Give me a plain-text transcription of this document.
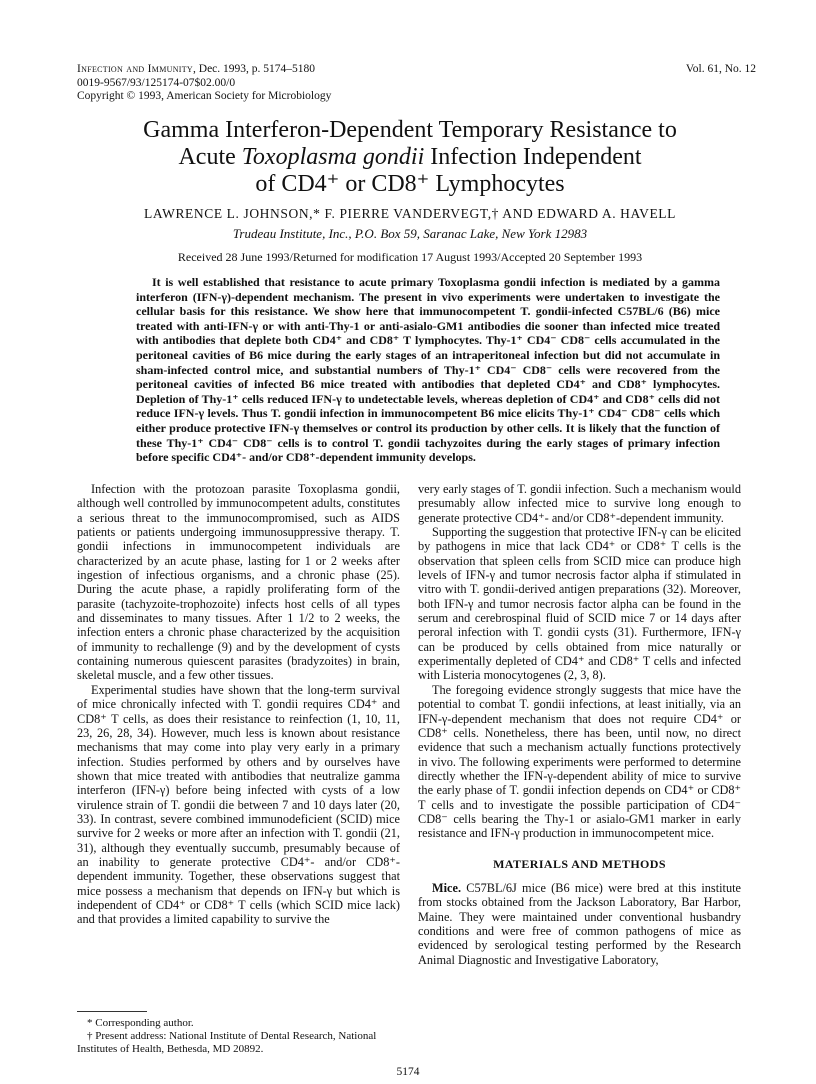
Infection and Immunity, Dec. 1993, p. 5174–5180
0019-9567/93/125174-07$02.00/0
Copyright © 1993, American Society for Microbiology
Vol. 61, No. 12
Gamma Interferon-Dependent Temporary Resistance to
Acute Toxoplasma gondii Infection Independent
of CD4⁺ or CD8⁺ Lymphocytes
LAWRENCE L. JOHNSON,* F. PIERRE VANDERVEGT,† AND EDWARD A. HAVELL
Trudeau Institute, Inc., P.O. Box 59, Saranac Lake, New York 12983
Received 28 June 1993/Returned for modification 17 August 1993/Accepted 20 September 1993
It is well established that resistance to acute primary Toxoplasma gondii infection is mediated by a gamma interferon (IFN-γ)-dependent mechanism. The present in vivo experiments were undertaken to investigate the cellular basis for this resistance. We show here that immunocompetent T. gondii-infected C57BL/6 (B6) mice treated with anti-IFN-γ or with anti-Thy-1 or anti-asialo-GM1 antibodies die sooner than infected mice treated with antibodies that deplete both CD4⁺ and CD8⁺ T lymphocytes. Thy-1⁺ CD4⁻ CD8⁻ cells accumulated in the peritoneal cavities of B6 mice during the early stages of an intraperitoneal infection but did not accumulate in sham-infected control mice, and substantial numbers of Thy-1⁺ CD4⁻ CD8⁻ cells were recovered from the peritoneal cavities of infected B6 mice treated with antibodies that depleted CD4⁺ and CD8⁺ lymphocytes. Depletion of Thy-1⁺ cells reduced IFN-γ to undetectable levels, whereas depletion of CD4⁺ and CD8⁺ cells did not reduce IFN-γ levels. Thus T. gondii infection in immunocompetent B6 mice elicits Thy-1⁺ CD4⁻ CD8⁻ cells which either produce protective IFN-γ themselves or control its production by other cells. It is likely that the function of these Thy-1⁺ CD4⁻ CD8⁻ cells is to control T. gondii tachyzoites during the early stages of primary infection before specific CD4⁺- and/or CD8⁺-dependent immunity develops.

Infection with the protozoan parasite Toxoplasma gondii, although well controlled by immunocompetent adults, constitutes a serious threat to the immunocompromised, such as AIDS patients or patients undergoing immunosuppressive therapy. T. gondii infections in immunocompetent individuals are characterized by an acute phase, lasting for 1 or 2 weeks after ingestion of infectious organisms, and a chronic phase (25). During the acute phase, a rapidly proliferating form of the parasite (tachyzoite-trophozoite) infects host cells of all types and disseminates to many tissues. After 1 1/2 to 2 weeks, the infection enters a chronic phase characterized by the acquisition of immunity to rechallenge (9) and by the development of cysts containing numerous quiescent parasites (bradyzoites) in brain, skeletal muscle, and a few other tissues.

Experimental studies have shown that the long-term survival of mice chronically infected with T. gondii requires CD4⁺ and CD8⁺ T cells, as does their resistance to reinfection (1, 10, 11, 23, 26, 28, 34). However, much less is known about resistance mechanisms that may come into play very early in a primary infection. Studies performed by others and by ourselves have shown that mice treated with antibodies that neutralize gamma interferon (IFN-γ) before being infected with cysts of a low virulence strain of T. gondii die between 7 and 10 days later (20, 33). In contrast, severe combined immunodeficient (SCID) mice survive for 2 weeks or more after an infection with T. gondii (21, 31), although they eventually succumb, presumably because of an inability to generate protective CD4⁺- and/or CD8⁺-dependent immunity. Together, these observations suggest that mice possess a mechanism that depends on IFN-γ but which is independent of CD4⁺ or CD8⁺ T cells (which SCID mice lack) and that provides a limited capability to survive the

very early stages of T. gondii infection. Such a mechanism would presumably allow infected mice to survive long enough to generate protective CD4⁺- and/or CD8⁺-dependent immunity.

Supporting the suggestion that protective IFN-γ can be elicited by pathogens in mice that lack CD4⁺ or CD8⁺ T cells is the observation that spleen cells from SCID mice can produce high levels of IFN-γ and tumor necrosis factor alpha if stimulated in vitro with T. gondii-derived antigen preparations (32). Moreover, both IFN-γ and tumor necrosis factor alpha can be found in the serum and cerebrospinal fluid of SCID mice 7 or 14 days after peroral infection with T. gondii cysts (31). Furthermore, IFN-γ can be produced by cells obtained from mice naturally or experimentally depleted of CD4⁺ and CD8⁺ T cells and infected with Listeria monocytogenes (2, 3, 8).

The foregoing evidence strongly suggests that mice have the potential to combat T. gondii infections, at least initially, via an IFN-γ-dependent mechanism that does not require CD4⁺ or CD8⁺ cells. Nonetheless, there has been, until now, no direct evidence that such a mechanism actually functions protectively in vivo. The following experiments were performed to determine directly whether the IFN-γ-dependent ability of mice to survive the early phase of T. gondii infection depends on CD4⁺ or CD8⁺ T cells and to investigate the possible participation of CD4⁻ CD8⁻ cells bearing the Thy-1 or asialo-GM1 marker in early resistance and IFN-γ production in immunocompetent mice.

MATERIALS AND METHODS

Mice. C57BL/6J mice (B6 mice) were bred at this institute from stocks obtained from the Jackson Laboratory, Bar Harbor, Maine. They were maintained under conventional husbandry conditions and were free of common pathogens of mice as evidenced by serological testing performed by the Research Animal Diagnostic and Investigative Laboratory,

* Corresponding author.
† Present address: National Institute of Dental Research, National Institutes of Health, Bethesda, MD 20892.
5174
